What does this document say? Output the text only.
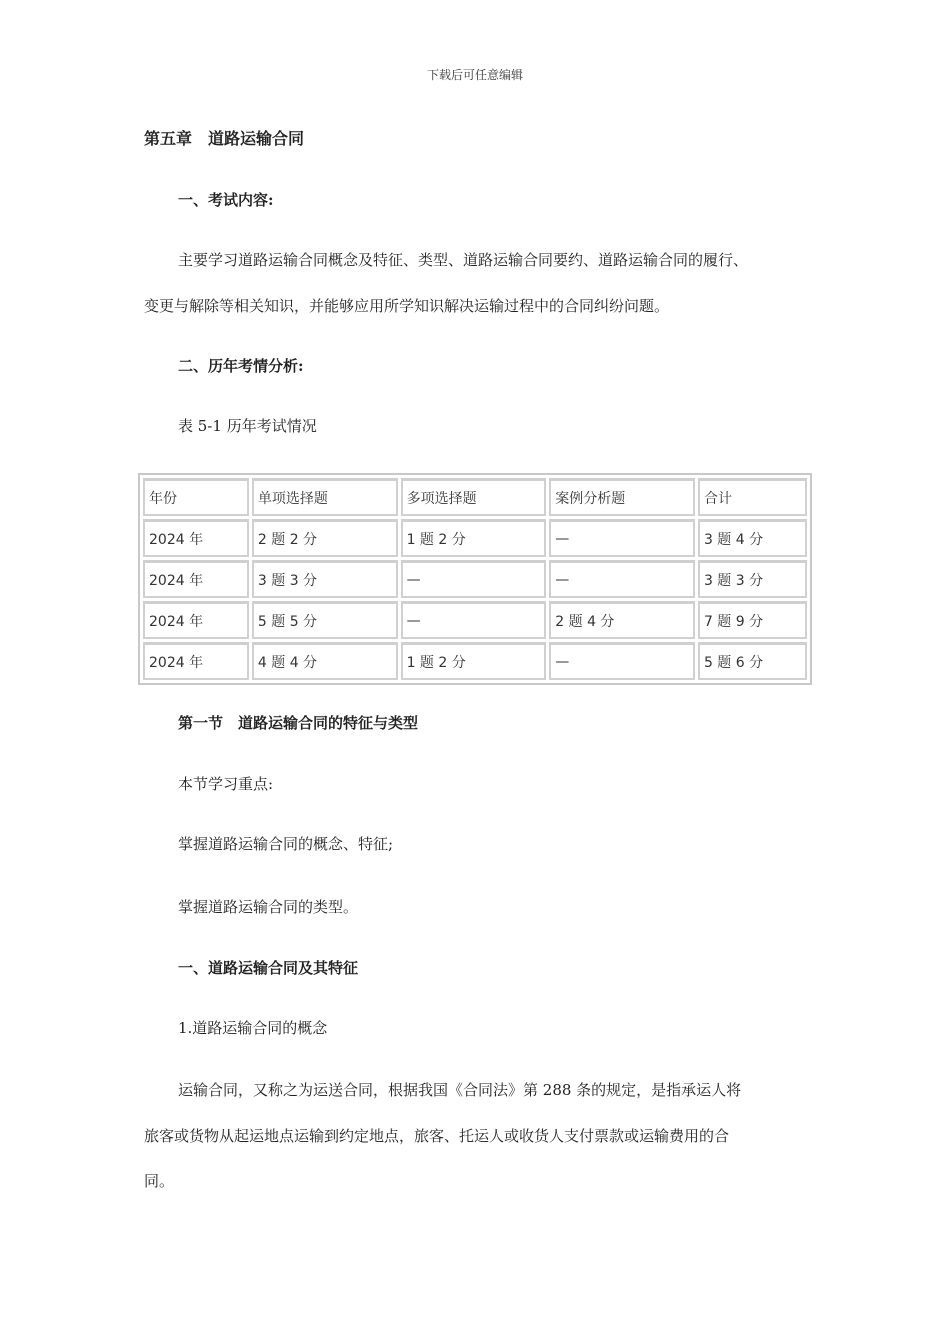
下载后可任意编辑
第五章　道路运输合同
一、考试内容:
主要学习道路运输合同概念及特征、类型、道路运输合同要约、道路运输合同的履行、
变更与解除等相关知识，并能够应用所学知识解决运输过程中的合同纠纷问题。
二、历年考情分析:
表 5-1 历年考试情况
年份	单项选择题	多项选择题	案例分析题	合计
2024 年	2 题 2 分	1 题 2 分	—	3 题 4 分
2024 年	3 题 3 分	—	—	3 题 3 分
2024 年	5 题 5 分	—	2 题 4 分	7 题 9 分
2024 年	4 题 4 分	1 题 2 分	—	5 题 6 分
第一节　道路运输合同的特征与类型
本节学习重点:
掌握道路运输合同的概念、特征;
掌握道路运输合同的类型。
一、道路运输合同及其特征
1.道路运输合同的概念
运输合同，又称之为运送合同，根据我国《合同法》第 288 条的规定，是指承运人将
旅客或货物从起运地点运输到约定地点，旅客、托运人或收货人支付票款或运输费用的合
同。
